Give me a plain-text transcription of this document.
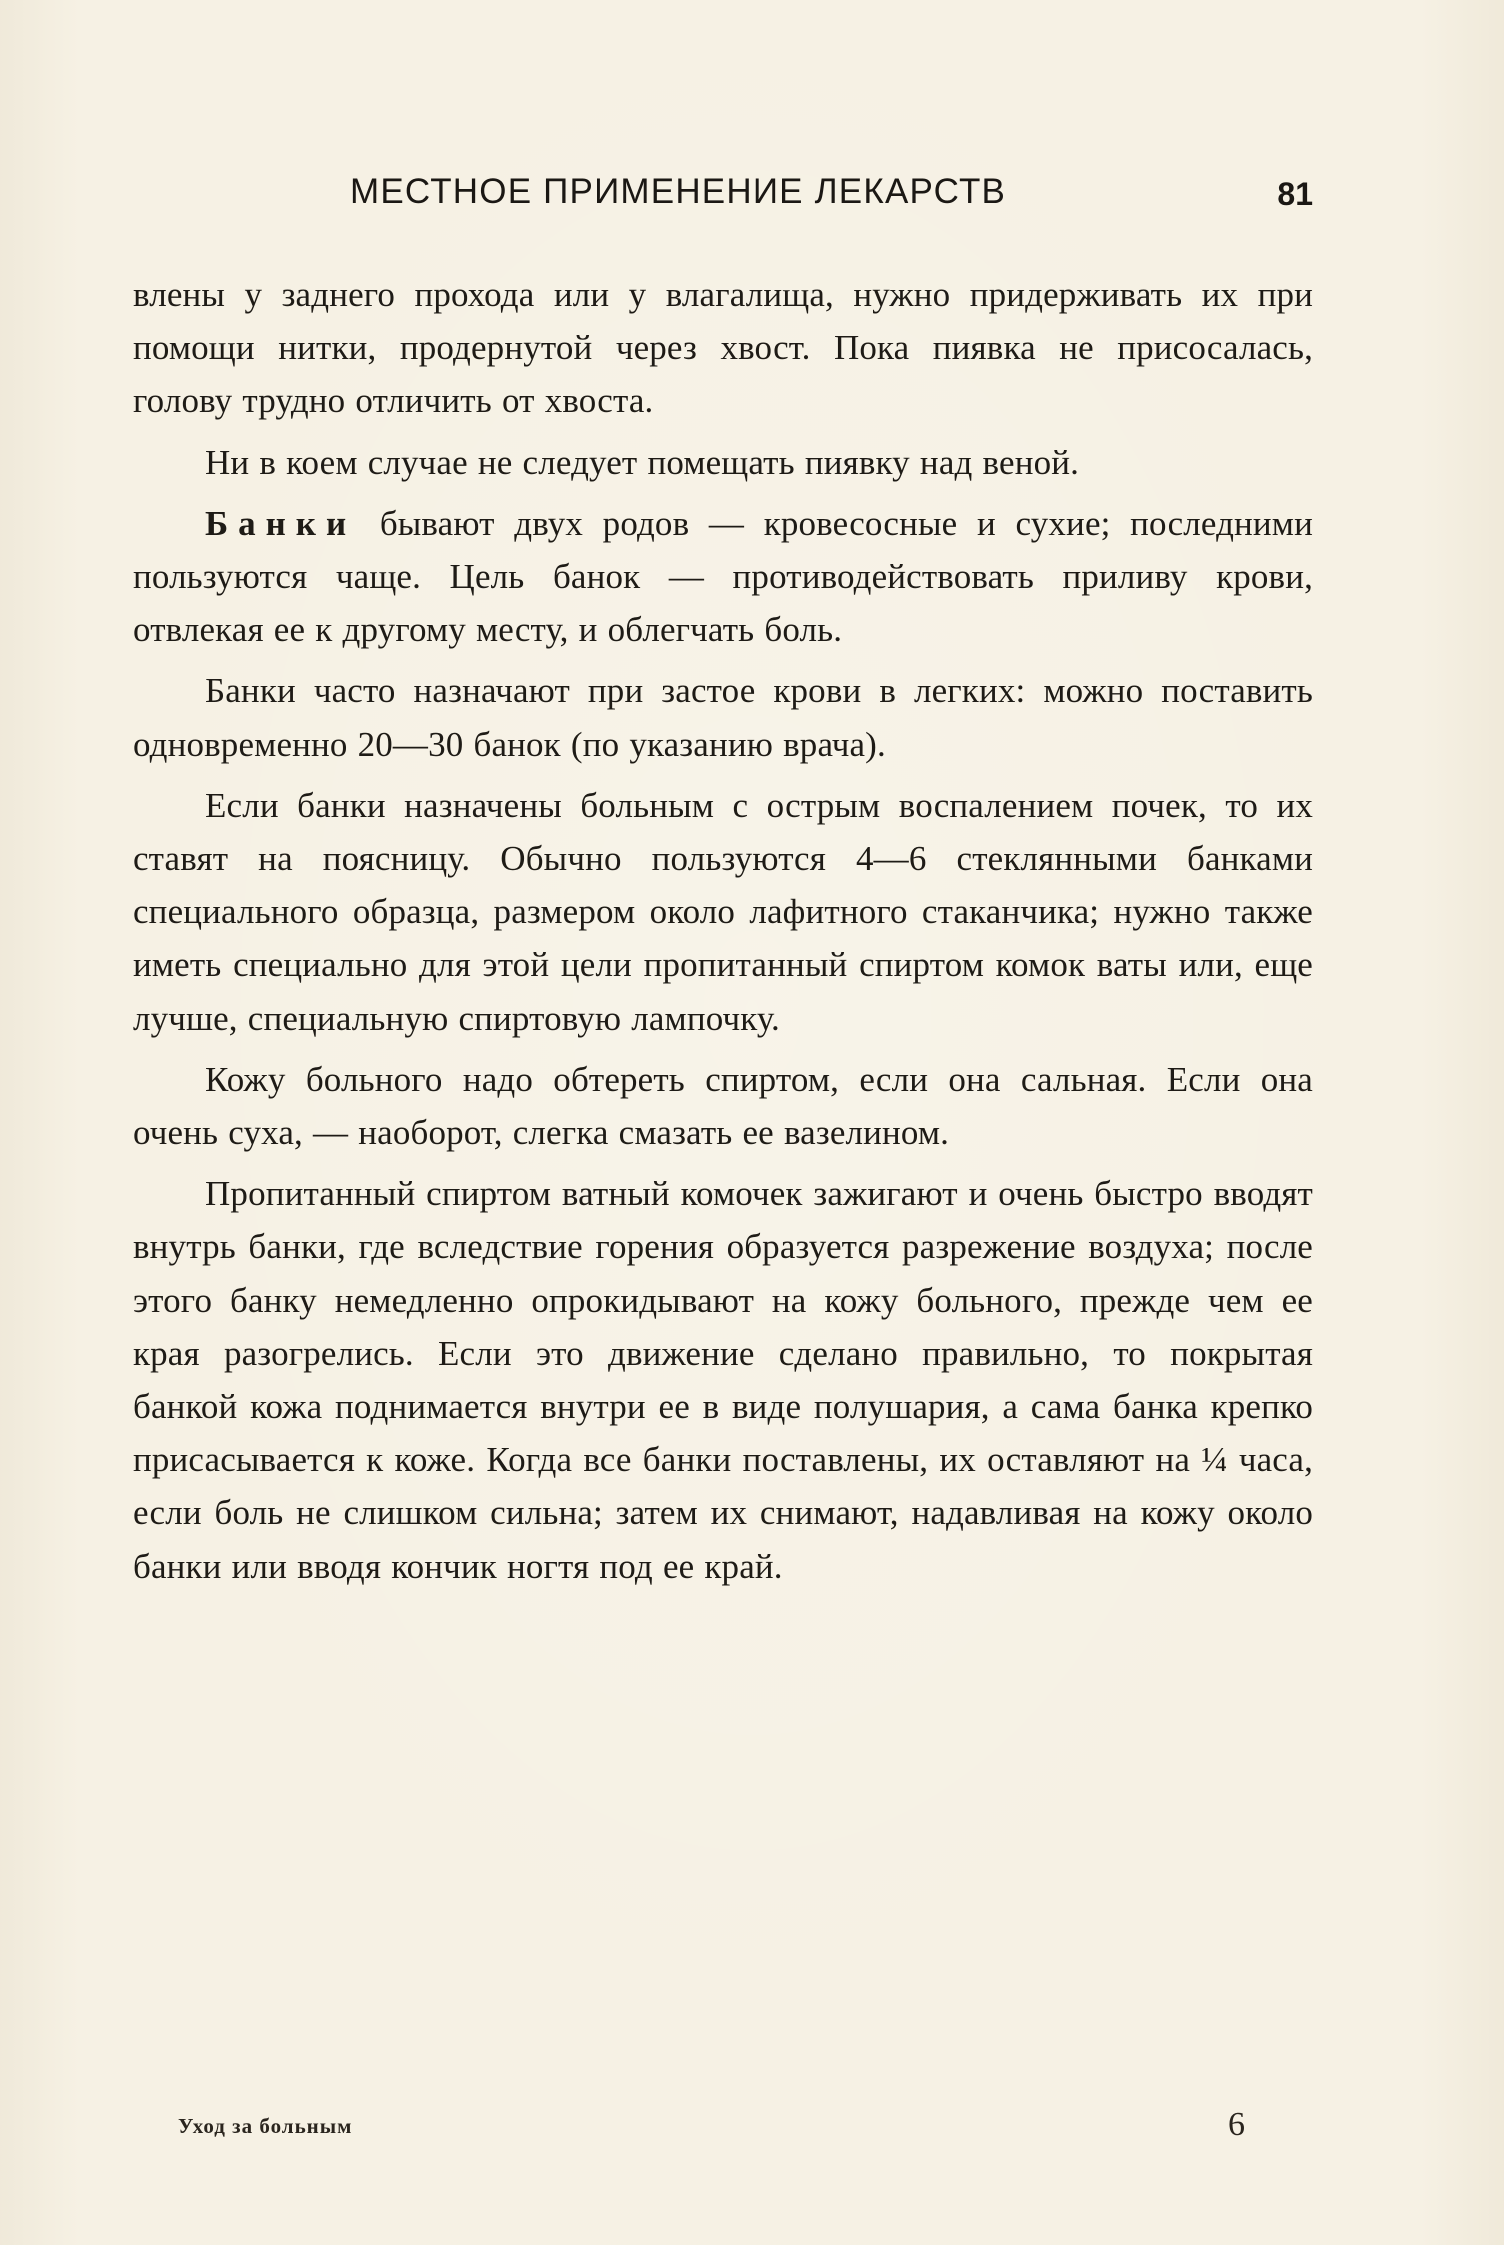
МЕСТНОЕ ПРИМЕНЕНИЕ ЛЕКАРСТВ	81

влены у заднего прохода или у влагалища, нужно придерживать их при помощи нитки, продернутой через хвост. Пока пиявка не присосалась, голову трудно отличить от хвоста.

Ни в коем случае не следует помещать пиявку над веной.

Банки бывают двух родов — кровесосные и сухие; последними пользуются чаще. Цель банок — противодействовать приливу крови, отвлекая ее к другому месту, и облегчать боль.

Банки часто назначают при застое крови в легких: можно поставить одновременно 20—30 банок (по указанию врача).

Если банки назначены больным с острым воспалением почек, то их ставят на поясницу. Обычно пользуются 4—6 стеклянными банками специального образца, размером около лафитного стаканчика; нужно также иметь специально для этой цели пропитанный спиртом комок ваты или, еще лучше, специальную спиртовую лампочку.

Кожу больного надо обтереть спиртом, если она сальная. Если она очень суха, — наоборот, слегка смазать ее вазелином.

Пропитанный спиртом ватный комочек зажигают и очень быстро вводят внутрь банки, где вследствие горения образуется разрежение воздуха; после этого банку немедленно опрокидывают на кожу больного, прежде чем ее края разогрелись. Если это движение сделано правильно, то покрытая банкой кожа поднимается внутри ее в виде полушария, а сама банка крепко присасывается к коже. Когда все банки поставлены, их оставляют на ¼ часа, если боль не слишком сильна; затем их снимают, надавливая на кожу около банки или вводя кончик ногтя под ее край.

Уход за больным	6
